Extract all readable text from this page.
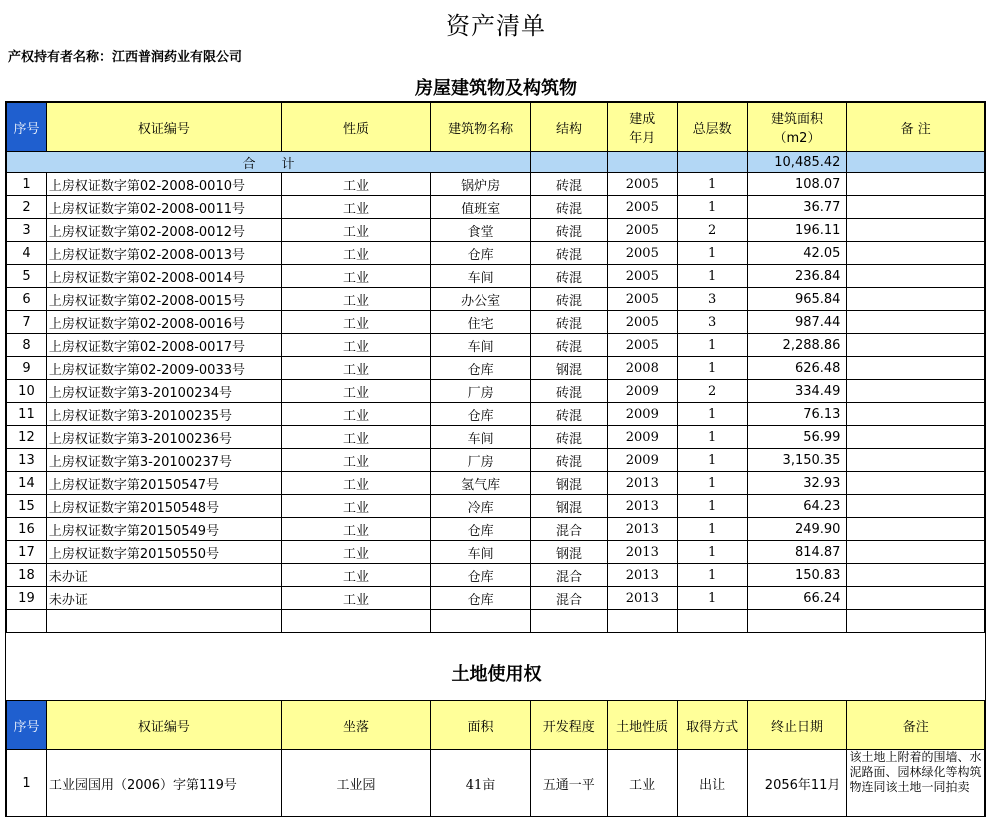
资产清单
产权持有者名称：江西普润药业有限公司
房屋建筑物及构筑物
序号	权证编号	性质	建筑物名称	结构	建成年月	总层数	建筑面积（m2）	备 注
合　　计							10,485.42	
1	上房权证数字第02-2008-0010号	工业	锅炉房	砖混	2005	1	108.07	
2	上房权证数字第02-2008-0011号	工业	值班室	砖混	2005	1	36.77	
3	上房权证数字第02-2008-0012号	工业	食堂	砖混	2005	2	196.11	
4	上房权证数字第02-2008-0013号	工业	仓库	砖混	2005	1	42.05	
5	上房权证数字第02-2008-0014号	工业	车间	砖混	2005	1	236.84	
6	上房权证数字第02-2008-0015号	工业	办公室	砖混	2005	3	965.84	
7	上房权证数字第02-2008-0016号	工业	住宅	砖混	2005	3	987.44	
8	上房权证数字第02-2008-0017号	工业	车间	砖混	2005	1	2,288.86	
9	上房权证数字第02-2009-0033号	工业	仓库	钢混	2008	1	626.48	
10	上房权证数字第3-20100234号	工业	厂房	砖混	2009	2	334.49	
11	上房权证数字第3-20100235号	工业	仓库	砖混	2009	1	76.13	
12	上房权证数字第3-20100236号	工业	车间	砖混	2009	1	56.99	
13	上房权证数字第3-20100237号	工业	厂房	砖混	2009	1	3,150.35	
14	上房权证数字第20150547号	工业	氢气库	钢混	2013	1	32.93	
15	上房权证数字第20150548号	工业	冷库	钢混	2013	1	64.23	
16	上房权证数字第20150549号	工业	仓库	混合	2013	1	249.90	
17	上房权证数字第20150550号	工业	车间	钢混	2013	1	814.87	
18	未办证	工业	仓库	混合	2013	1	150.83	
19	未办证	工业	仓库	混合	2013	1	66.24	

土地使用权
序号	权证编号	坐落	面积	开发程度	土地性质	取得方式	终止日期	备注
1	工业园国用（2006）字第119号	工业园	41亩	五通一平	工业	出让	2056年11月	该土地上附着的围墙、水泥路面、园林绿化等构筑物连同该土地一同拍卖
